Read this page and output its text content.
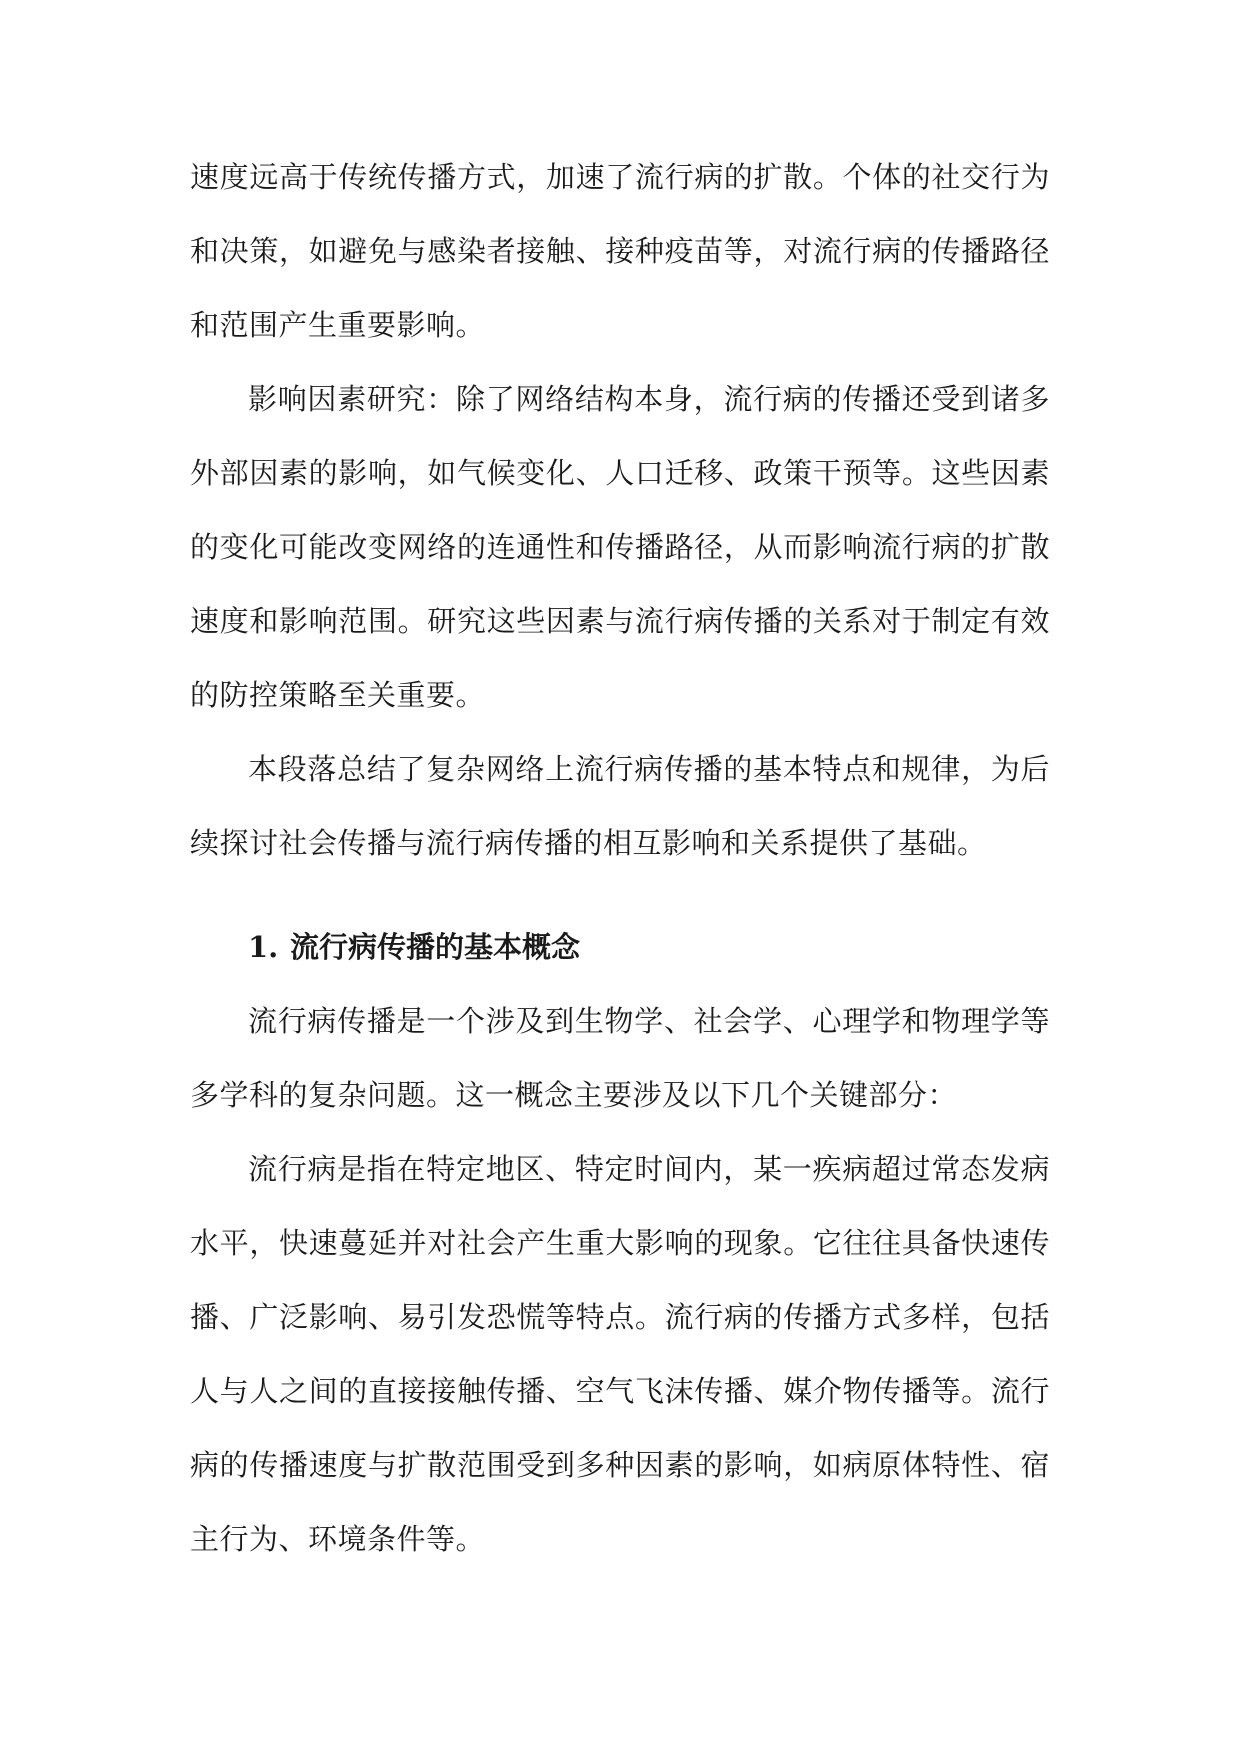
速度远高于传统传播方式，加速了流行病的扩散。个体的社交行为和决策，如避免与感染者接触、接种疫苗等，对流行病的传播路径和范围产生重要影响。

影响因素研究：除了网络结构本身，流行病的传播还受到诸多外部因素的影响，如气候变化、人口迁移、政策干预等。这些因素的变化可能改变网络的连通性和传播路径，从而影响流行病的扩散速度和影响范围。研究这些因素与流行病传播的关系对于制定有效的防控策略至关重要。

本段落总结了复杂网络上流行病传播的基本特点和规律，为后续探讨社会传播与流行病传播的相互影响和关系提供了基础。

1. 流行病传播的基本概念

流行病传播是一个涉及到生物学、社会学、心理学和物理学等多学科的复杂问题。这一概念主要涉及以下几个关键部分：

流行病是指在特定地区、特定时间内，某一疾病超过常态发病水平，快速蔓延并对社会产生重大影响的现象。它往往具备快速传播、广泛影响、易引发恐慌等特点。流行病的传播方式多样，包括人与人之间的直接接触传播、空气飞沫传播、媒介物传播等。流行病的传播速度与扩散范围受到多种因素的影响，如病原体特性、宿主行为、环境条件等。
